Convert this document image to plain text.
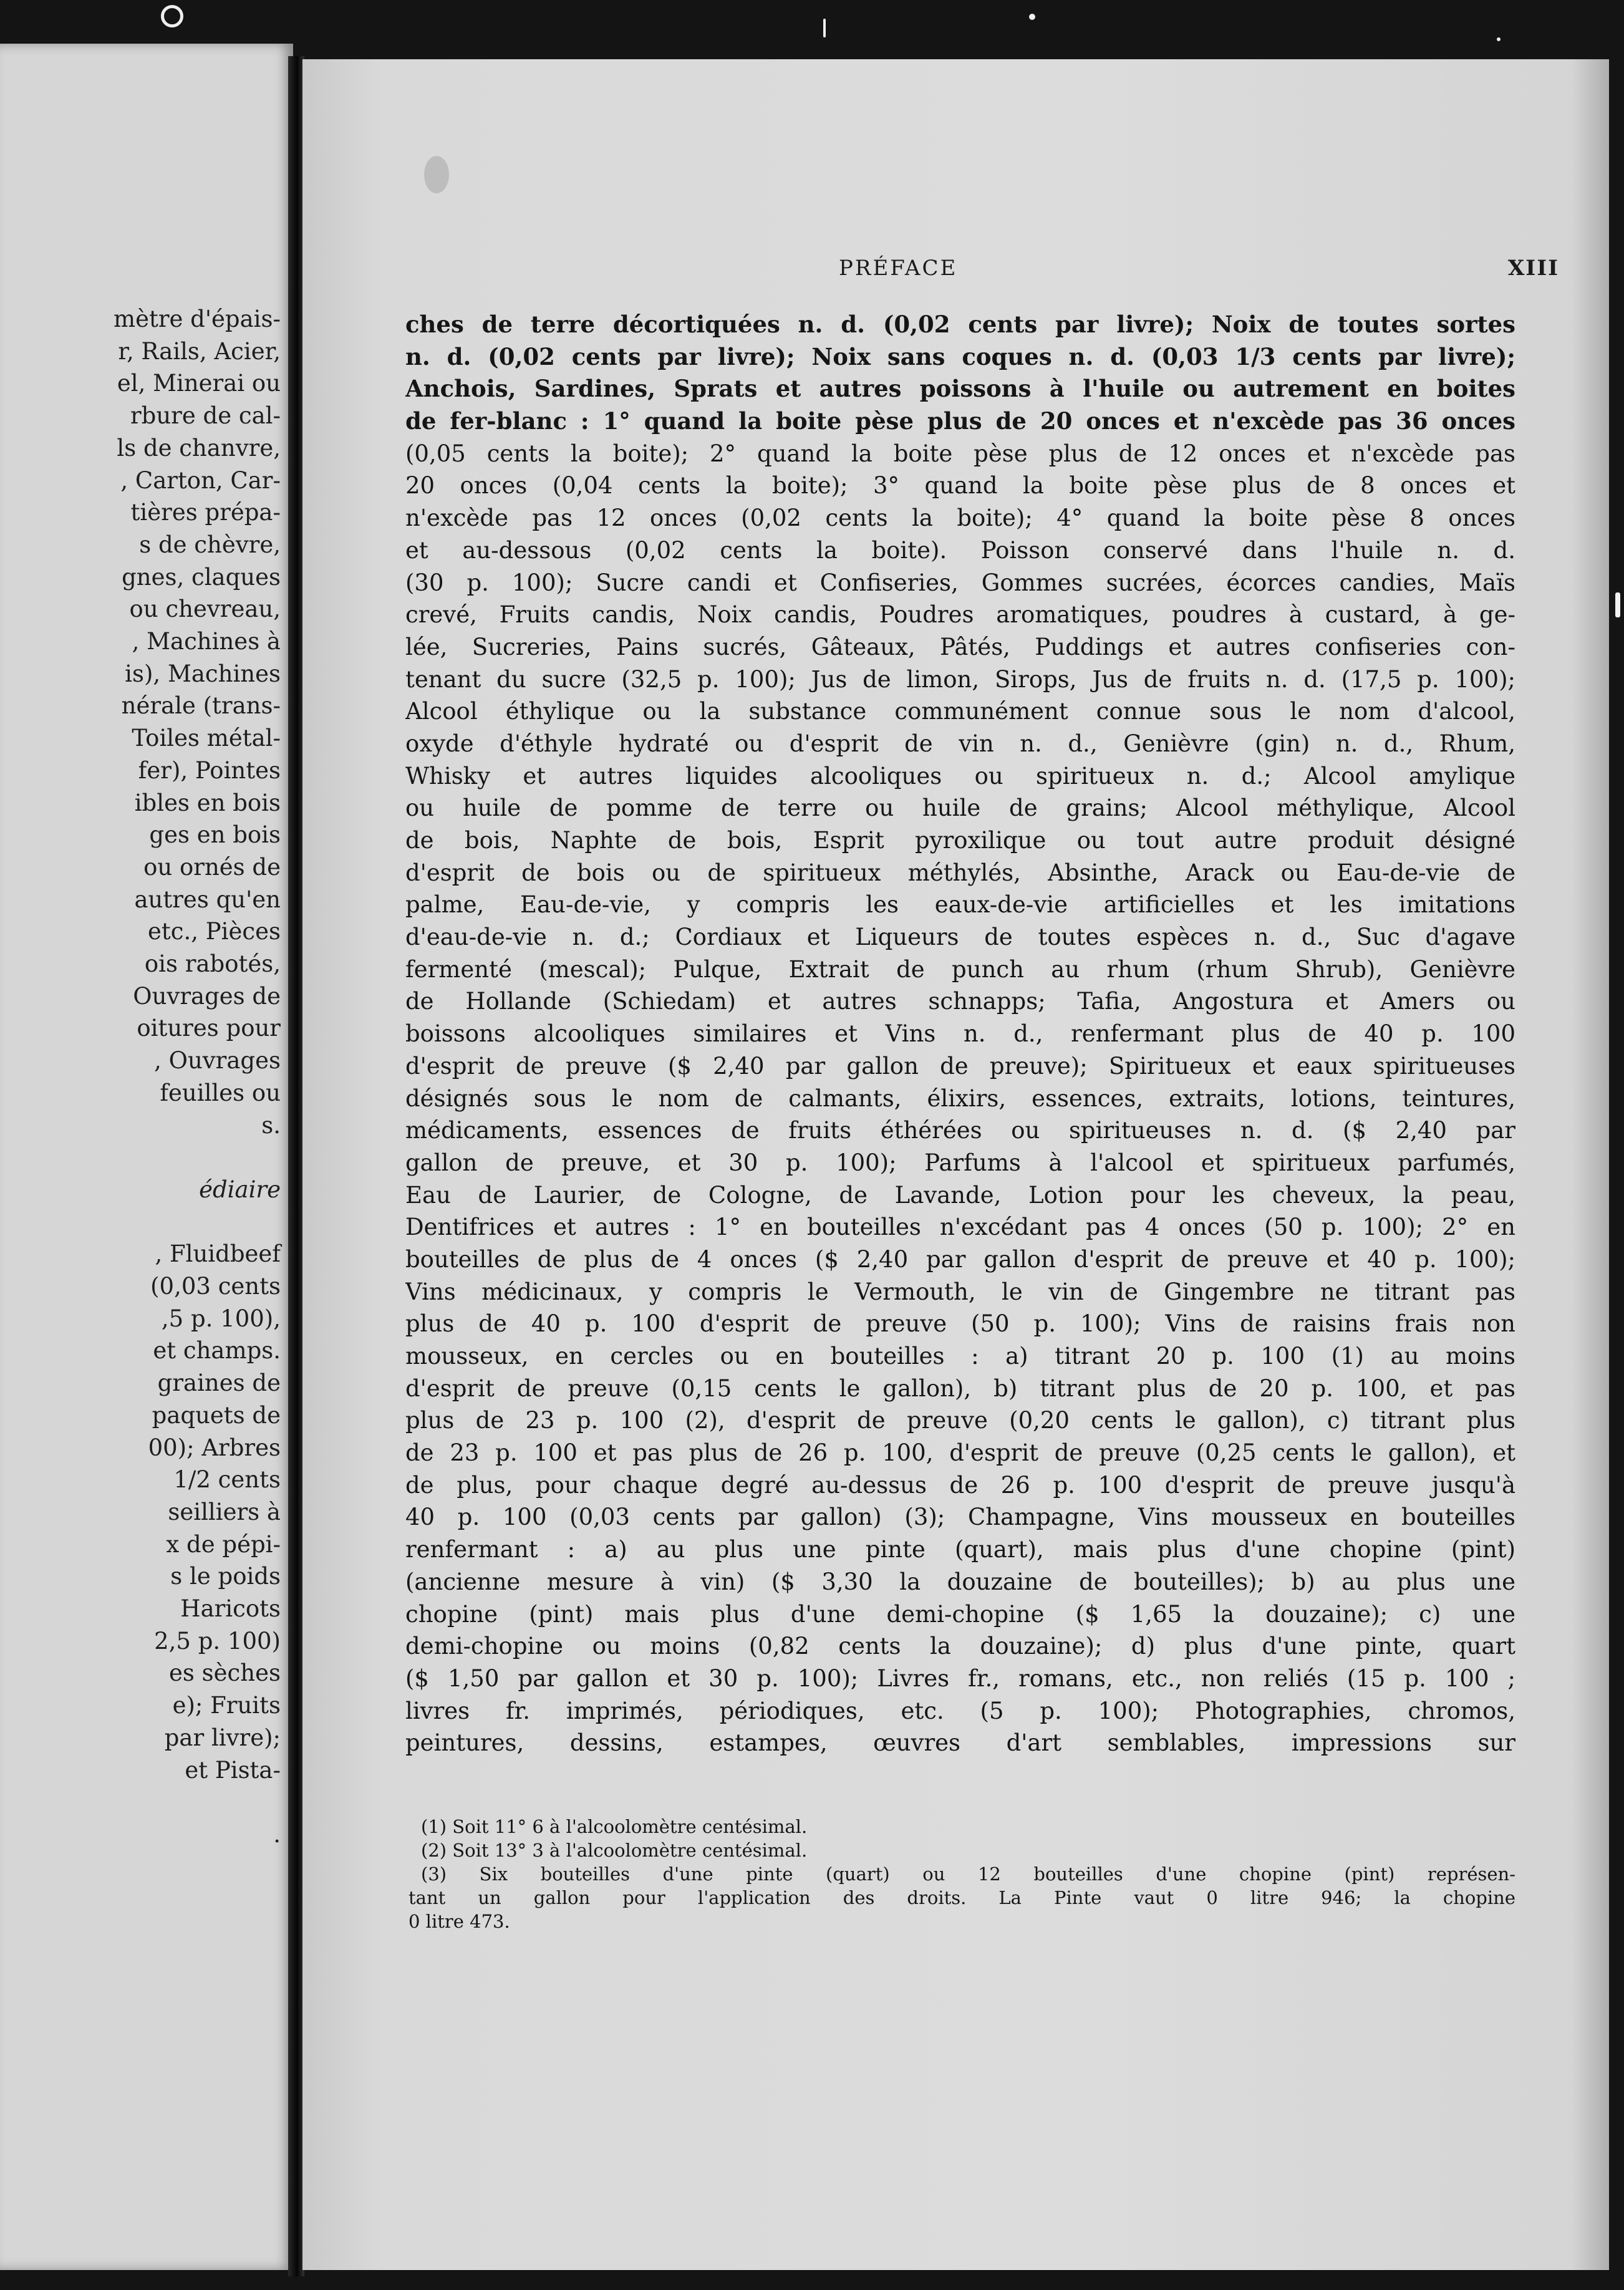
mètre d'épais-
r, Rails, Acier,
el, Minerai ou
rbure de cal-
ls de chanvre,
, Carton, Car-
tières prépa-
s de chèvre,
gnes, claques
ou chevreau,
, Machines à
is), Machines
nérale (trans-
Toiles métal-
fer), Pointes
ibles en bois
ges en bois
ou ornés de
autres qu'en
etc., Pièces
ois rabotés,
Ouvrages de
oitures pour
, Ouvrages
feuilles ou
s.
édiaire
, Fluidbeef
(0,03 cents
,5 p. 100),
et champs.
graines de
paquets de
00); Arbres
1/2 cents
seilliers à
x de pépi-
s le poids
Haricots
2,5 p. 100)
es sèches
e); Fruits
par livre);
et Pista-
.
PRÉFACE	XIII
ches de terre décortiquées n. d. (0,02 cents par livre); Noix de toutes sortes
n. d. (0,02 cents par livre); Noix sans coques n. d. (0,03 1/3 cents par livre);
Anchois, Sardines, Sprats et autres poissons à l'huile ou autrement en boites
de fer-blanc : 1° quand la boite pèse plus de 20 onces et n'excède pas 36 onces
(0,05 cents la boite); 2° quand la boite pèse plus de 12 onces et n'excède pas
20 onces (0,04 cents la boite); 3° quand la boite pèse plus de 8 onces et
n'excède pas 12 onces (0,02 cents la boite); 4° quand la boite pèse 8 onces
et au-dessous (0,02 cents la boite). Poisson conservé dans l'huile n. d.
(30 p. 100); Sucre candi et Confiseries, Gommes sucrées, écorces candies, Maïs
crevé, Fruits candis, Noix candis, Poudres aromatiques, poudres à custard, à ge-
lée, Sucreries, Pains sucrés, Gâteaux, Pâtés, Puddings et autres confiseries con-
tenant du sucre (32,5 p. 100); Jus de limon, Sirops, Jus de fruits n. d. (17,5 p. 100);
Alcool éthylique ou la substance communément connue sous le nom d'alcool,
oxyde d'éthyle hydraté ou d'esprit de vin n. d., Genièvre (gin) n. d., Rhum,
Whisky et autres liquides alcooliques ou spiritueux n. d.; Alcool amylique
ou huile de pomme de terre ou huile de grains; Alcool méthylique, Alcool
de bois, Naphte de bois, Esprit pyroxilique ou tout autre produit désigné
d'esprit de bois ou de spiritueux méthylés, Absinthe, Arack ou Eau-de-vie de
palme, Eau-de-vie, y compris les eaux-de-vie artificielles et les imitations
d'eau-de-vie n. d.; Cordiaux et Liqueurs de toutes espèces n. d., Suc d'agave
fermenté (mescal); Pulque, Extrait de punch au rhum (rhum Shrub), Genièvre
de Hollande (Schiedam) et autres schnapps; Tafia, Angostura et Amers ou
boissons alcooliques similaires et Vins n. d., renfermant plus de 40 p. 100
d'esprit de preuve ($ 2,40 par gallon de preuve); Spiritueux et eaux spiritueuses
désignés sous le nom de calmants, élixirs, essences, extraits, lotions, teintures,
médicaments, essences de fruits éthérées ou spiritueuses n. d. ($ 2,40 par
gallon de preuve, et 30 p. 100); Parfums à l'alcool et spiritueux parfumés,
Eau de Laurier, de Cologne, de Lavande, Lotion pour les cheveux, la peau,
Dentifrices et autres : 1° en bouteilles n'excédant pas 4 onces (50 p. 100); 2° en
bouteilles de plus de 4 onces ($ 2,40 par gallon d'esprit de preuve et 40 p. 100);
Vins médicinaux, y compris le Vermouth, le vin de Gingembre ne titrant pas
plus de 40 p. 100 d'esprit de preuve (50 p. 100); Vins de raisins frais non
mousseux, en cercles ou en bouteilles : a) titrant 20 p. 100 (1) au moins
d'esprit de preuve (0,15 cents le gallon), b) titrant plus de 20 p. 100, et pas
plus de 23 p. 100 (2), d'esprit de preuve (0,20 cents le gallon), c) titrant plus
de 23 p. 100 et pas plus de 26 p. 100, d'esprit de preuve (0,25 cents le gallon), et
de plus, pour chaque degré au-dessus de 26 p. 100 d'esprit de preuve jusqu'à
40 p. 100 (0,03 cents par gallon) (3); Champagne, Vins mousseux en bouteilles
renfermant : a) au plus une pinte (quart), mais plus d'une chopine (pint)
(ancienne mesure à vin) ($ 3,30 la douzaine de bouteilles); b) au plus une
chopine (pint) mais plus d'une demi-chopine ($ 1,65 la douzaine); c) une
demi-chopine ou moins (0,82 cents la douzaine); d) plus d'une pinte, quart
($ 1,50 par gallon et 30 p. 100); Livres fr., romans, etc., non reliés (15 p. 100 ;
livres fr. imprimés, périodiques, etc. (5 p. 100); Photographies, chromos,
peintures, dessins, estampes, œuvres d'art semblables, impressions sur
(1) Soit 11° 6 à l'alcoolomètre centésimal.
(2) Soit 13° 3 à l'alcoolomètre centésimal.
(3) Six bouteilles d'une pinte (quart) ou 12 bouteilles d'une chopine (pint) représen-
tant un gallon pour l'application des droits. La Pinte vaut 0 litre 946; la chopine
0 litre 473.
